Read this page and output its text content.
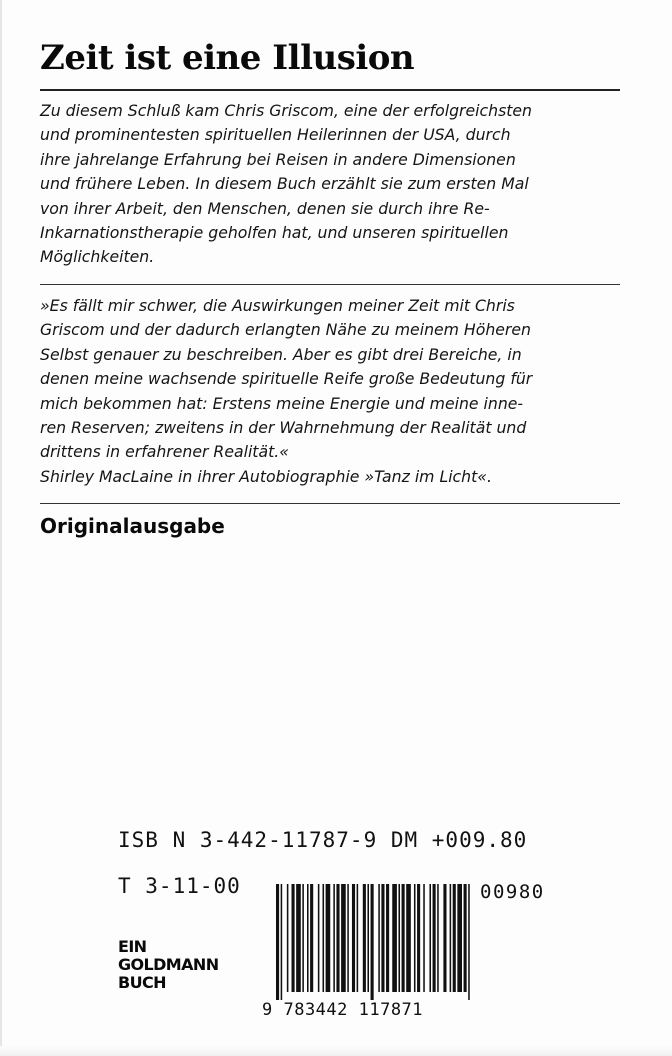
Zeit ist eine Illusion
Zu diesem Schluß kam Chris Griscom, eine der erfolgreichsten
und prominentesten spirituellen Heilerinnen der USA, durch
ihre jahrelange Erfahrung bei Reisen in andere Dimensionen
und frühere Leben. In diesem Buch erzählt sie zum ersten Mal
von ihrer Arbeit, den Menschen, denen sie durch ihre Re-
Inkarnationstherapie geholfen hat, und unseren spirituellen
Möglichkeiten.
»Es fällt mir schwer, die Auswirkungen meiner Zeit mit Chris
Griscom und der dadurch erlangten Nähe zu meinem Höheren
Selbst genauer zu beschreiben. Aber es gibt drei Bereiche, in
denen meine wachsende spirituelle Reife große Bedeutung für
mich bekommen hat: Erstens meine Energie und meine inne-
ren Reserven; zweitens in der Wahrnehmung der Realität und
drittens in erfahrener Realität.«
Shirley MacLaine in ihrer Autobiographie »Tanz im Licht«.
Originalausgabe
ISB N 3-442-11787-9 DM +009.80
T 3-11-00	00980
EIN
GOLDMANN
BUCH
9 783442 117871
